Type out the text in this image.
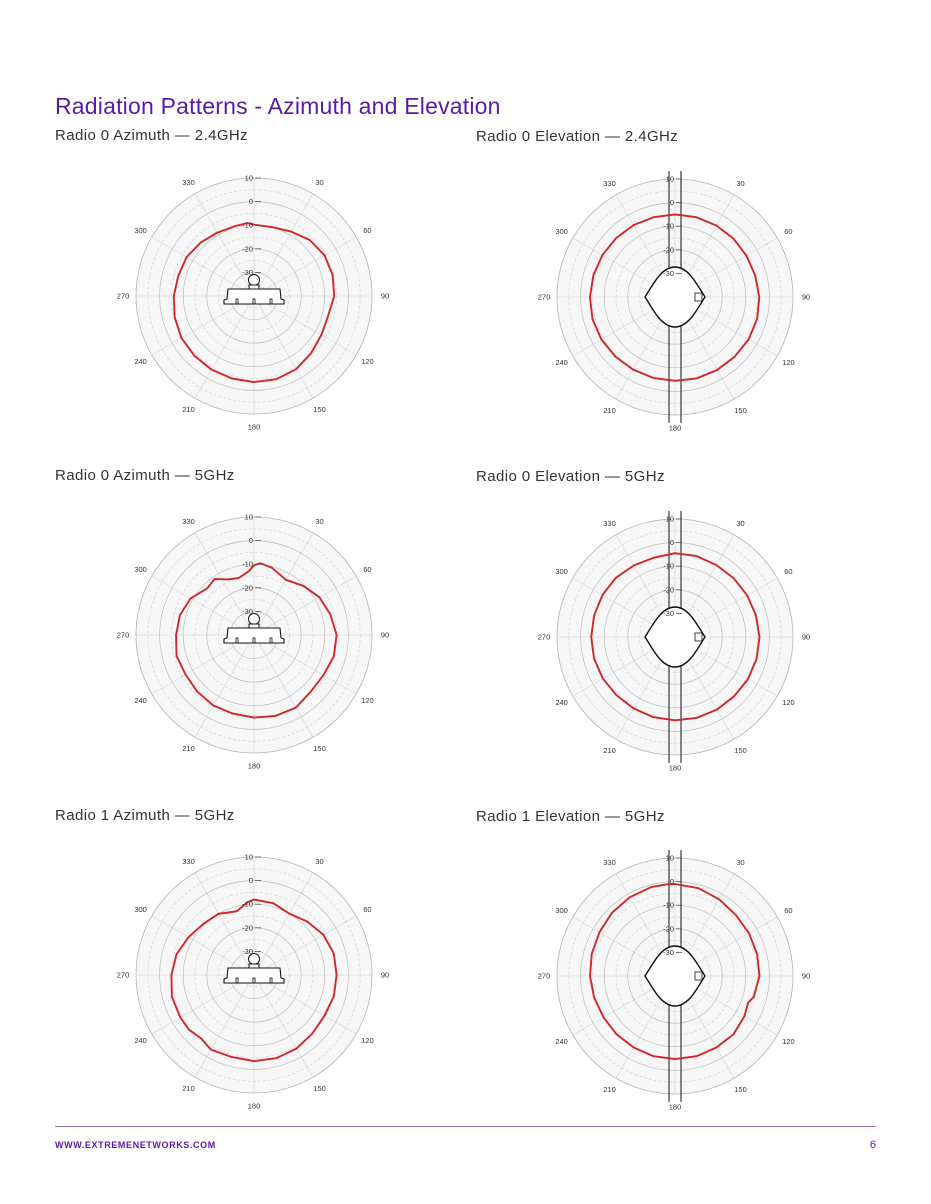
Radiation Patterns - Azimuth and Elevation
Radio 0 Azimuth — 2.4GHz
10
0
-10
-20
-30
30
60
90
120
150
180
210
240
270
300
330
Radio 0 Elevation — 2.4GHz
10
0
-10
-20
-30
30
60
90
120
150
180
210
240
270
300
330
Radio 0 Azimuth — 5GHz
10
0
-10
-20
-30
30
60
90
120
150
180
210
240
270
300
330
Radio 0 Elevation — 5GHz
10
0
-10
-20
-30
30
60
90
120
150
180
210
240
270
300
330
Radio 1 Azimuth — 5GHz
10
0
-10
-20
-30
30
60
90
120
150
180
210
240
270
300
330
Radio 1 Elevation — 5GHz
10
0
-10
-20
-30
30
60
90
120
150
180
210
240
270
300
330
WWW.EXTREMENETWORKS.COM	6
